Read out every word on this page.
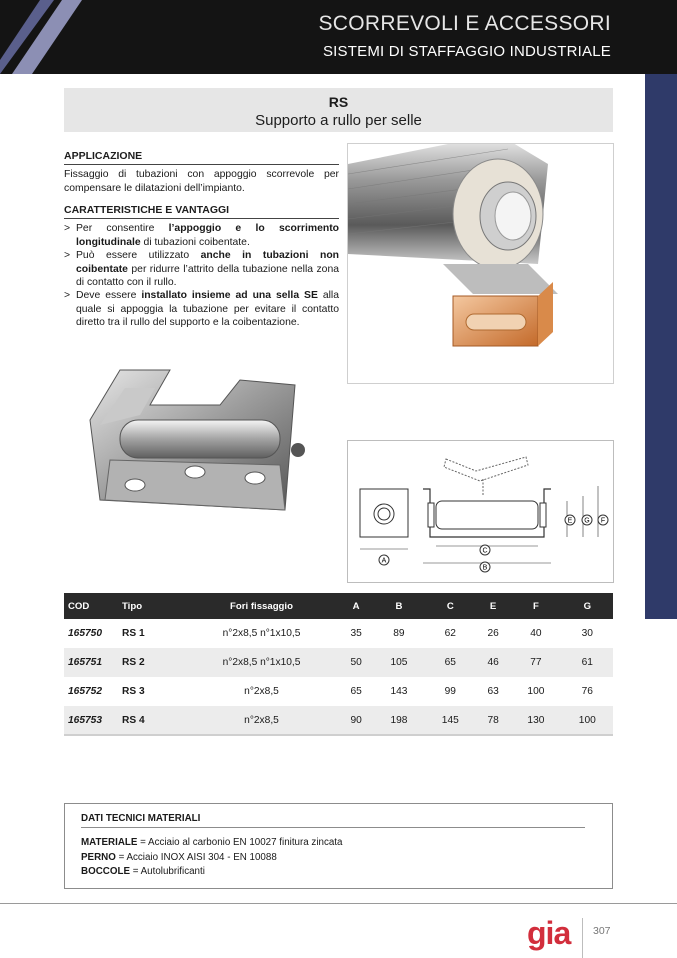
SCORREVOLI E ACCESSORI
SISTEMI DI STAFFAGGIO INDUSTRIALE
RS
Supporto a rullo per selle
APPLICAZIONE
Fissaggio di tubazioni con appoggio scorrevole per compensare le dilatazioni dell’impianto.
CARATTERISTICHE E VANTAGGI
> Per consentire l’appoggio e lo scorrimento longitudinale di tubazioni coibentate.
> Può essere utilizzato anche in tubazioni non coibentate per ridurre l’attrito della tubazione nella zona di contatto con il rullo.
> Deve essere installato insieme ad una sella SE alla quale si appoggia la tubazione per evitare il contatto diretto tra il rullo del supporto e la coibentazione.
A
C
B
E G F
COD	Tipo	Fori fissaggio	A	B	C	E	F	G
165750	RS 1	n°2x8,5 n°1x10,5	35	89	62	26	40	30
165751	RS 2	n°2x8,5 n°1x10,5	50	105	65	46	77	61
165752	RS 3	n°2x8,5	65	143	99	63	100	76
165753	RS 4	n°2x8,5	90	198	145	78	130	100
DATI TECNICI MATERIALI
MATERIALE = Acciaio al carbonio EN 10027 finitura zincata
PERNO = Acciaio INOX AISI 304 - EN 10088
BOCCOLE = Autolubrificanti
gia 307
